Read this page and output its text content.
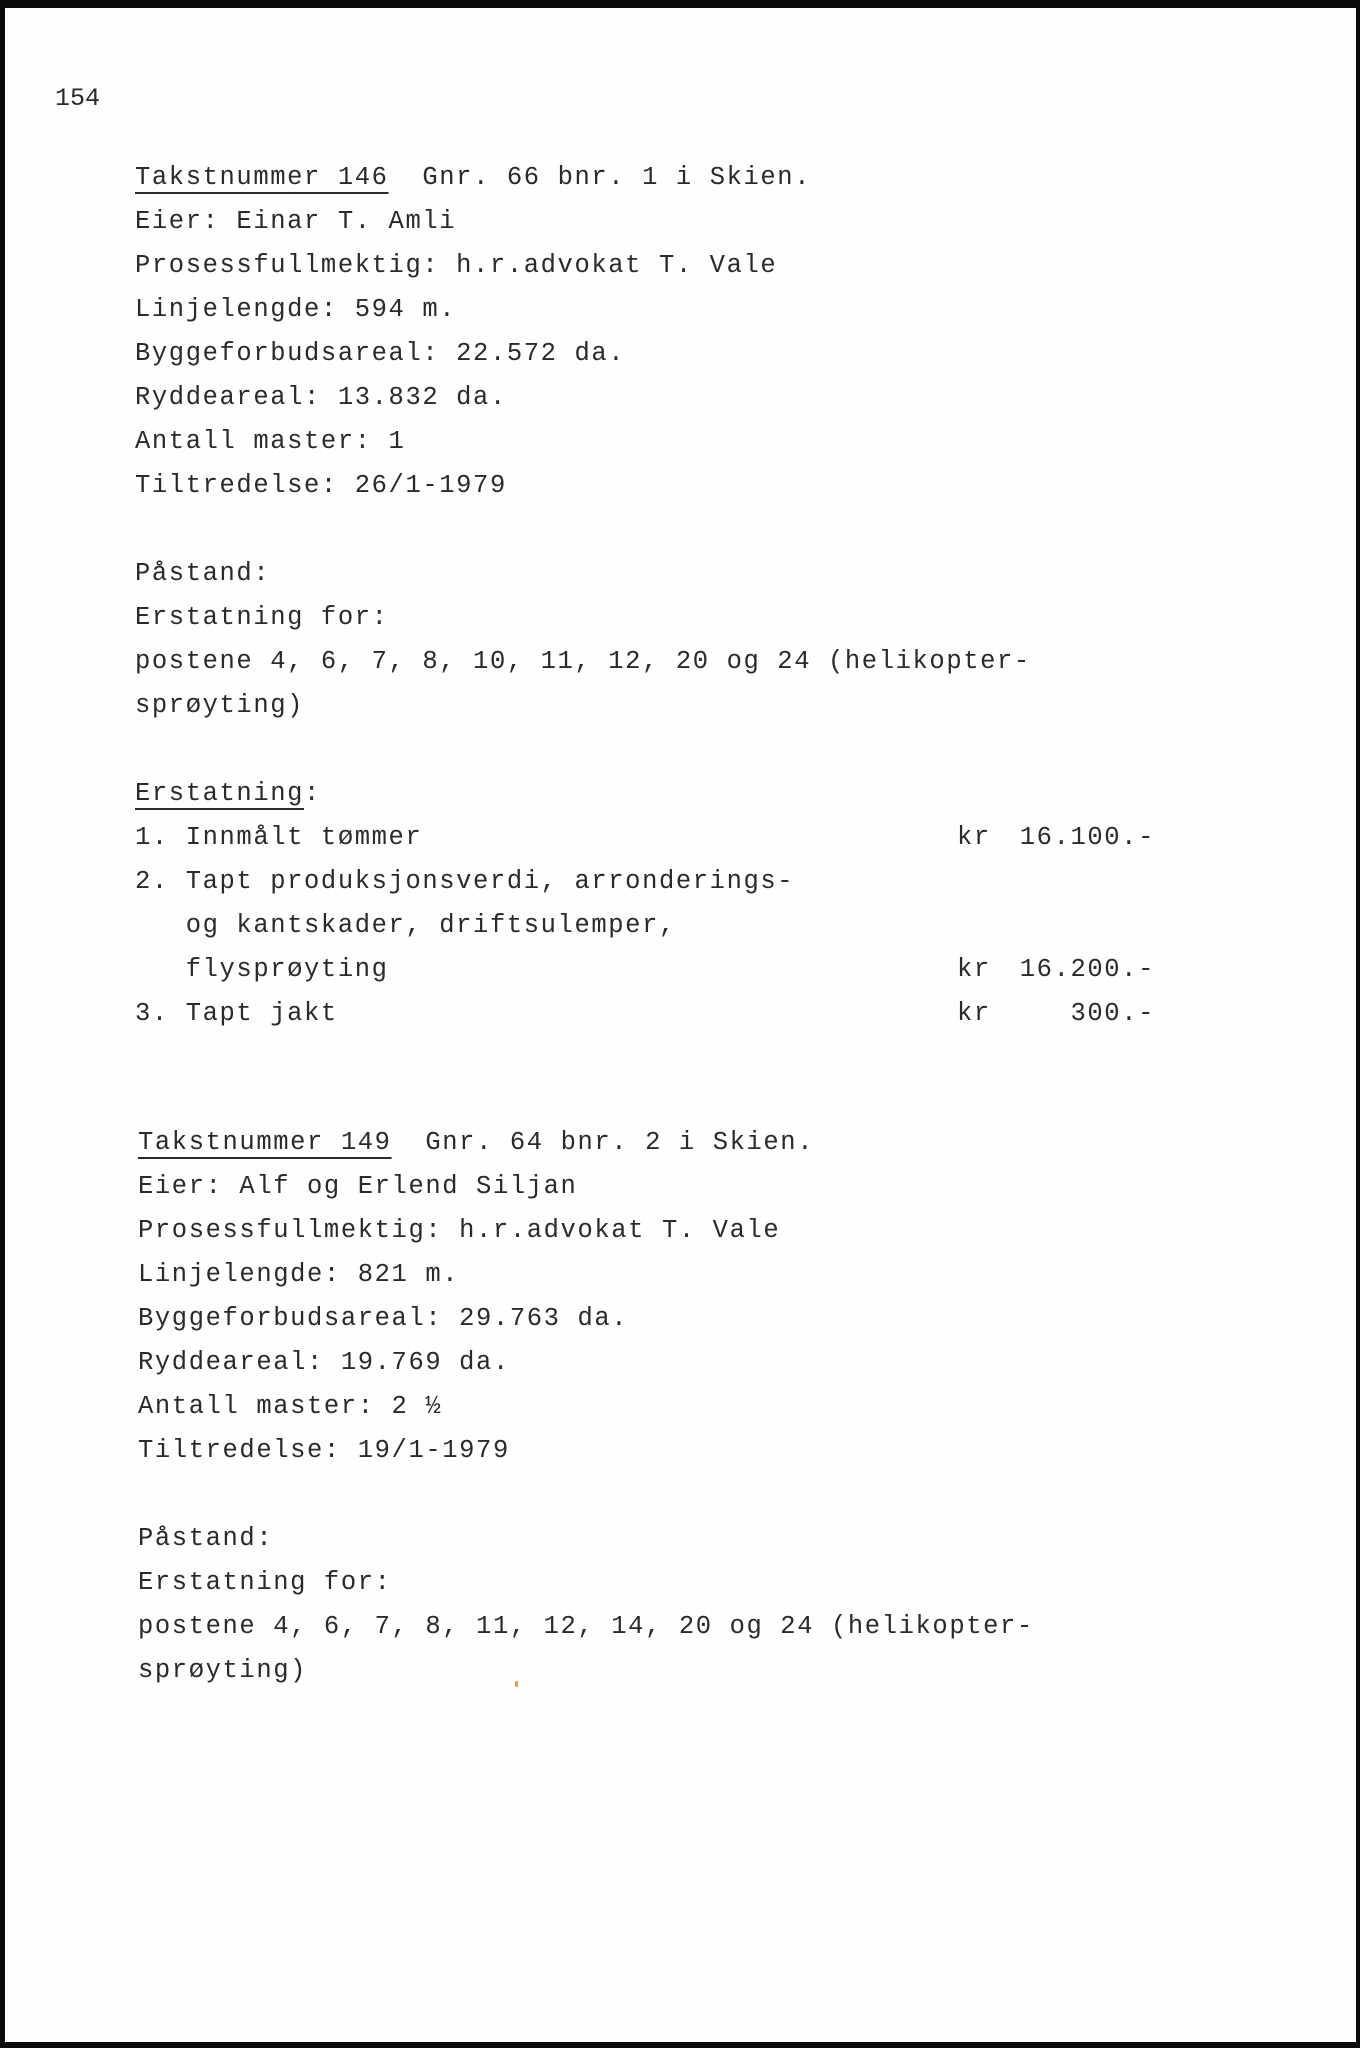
154
Takstnummer 146 Gnr. 66 bnr. 1 i Skien.
Eier: Einar T. Amli
Prosessfullmektig: h.r.advokat T. Vale
Linjelengde: 594 m.
Byggeforbudsareal: 22.572 da.
Ryddeareal: 13.832 da.
Antall master: 1
Tiltredelse: 26/1-1979
Påstand:
Erstatning for:
postene 4, 6, 7, 8, 10, 11, 12, 20 og 24 (helikopter-
sprøyting)
Erstatning:
1. Innmålt tømmer	kr	16.100.-
2. Tapt produksjonsverdi, arronderings-
og kantskader, driftsulemper,
flysprøyting	kr	16.200.-
3. Tapt jakt	kr	300.-
Takstnummer 149 Gnr. 64 bnr. 2 i Skien.
Eier: Alf og Erlend Siljan
Prosessfullmektig: h.r.advokat T. Vale
Linjelengde: 821 m.
Byggeforbudsareal: 29.763 da.
Ryddeareal: 19.769 da.
Antall master: 2 ½
Tiltredelse: 19/1-1979
Påstand:
Erstatning for:
postene 4, 6, 7, 8, 11, 12, 14, 20 og 24 (helikopter-
sprøyting)
